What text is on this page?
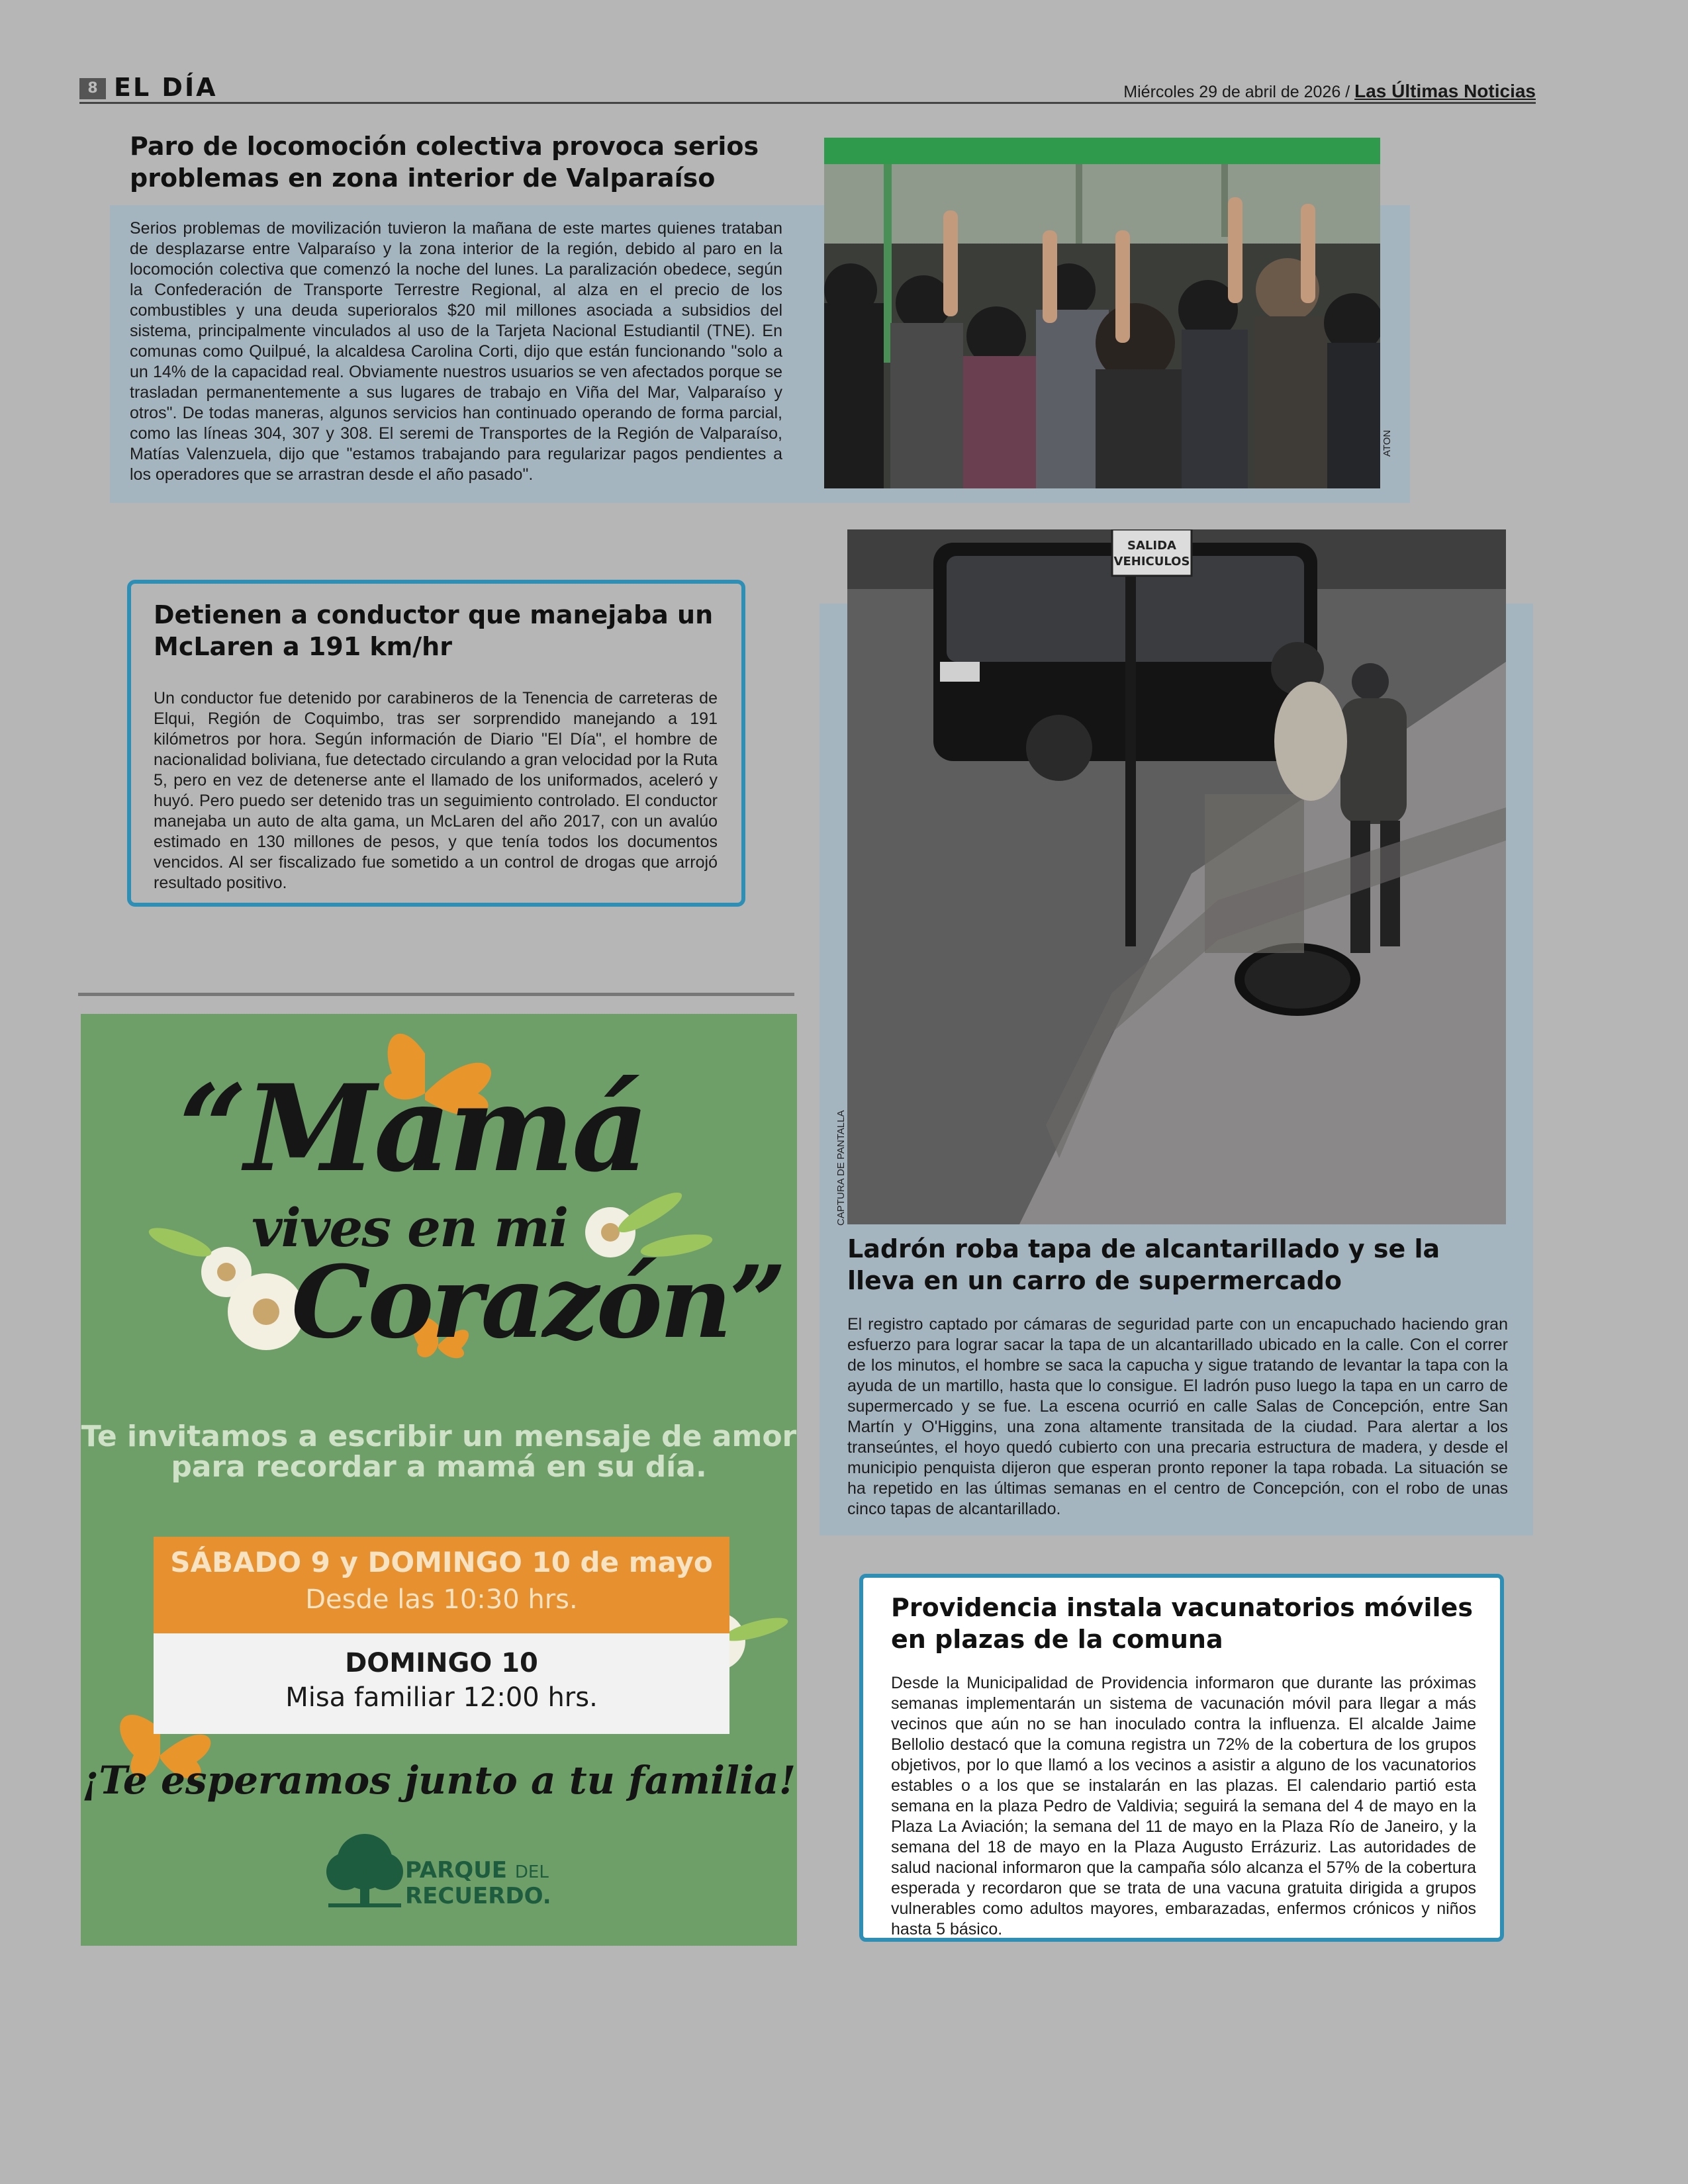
8 EL DÍA	Miércoles 29 de abril de 2026 / Las Últimas Noticias
Paro de locomoción colectiva provoca serios problemas en zona interior de Valparaíso
Serios problemas de movilización tuvieron la mañana de este martes quienes trataban de desplazarse entre Valparaíso y la zona interior de la región, debido al paro en la locomoción colectiva que comenzó la noche del lunes. La paralización obedece, según la Confederación de Transporte Terrestre Regional, al alza en el precio de los combustibles y una deuda superioralos $20 mil millones asociada a subsidios del sistema, principalmente vinculados al uso de la Tarjeta Nacional Estudiantil (TNE). En comunas como Quilpué, la alcaldesa Carolina Corti, dijo que están funcionando "solo a un 14% de la capacidad real. Obviamente nuestros usuarios se ven afectados porque se trasladan permanentemente a sus lugares de trabajo en Viña del Mar, Valparaíso y otros". De todas maneras, algunos servicios han continuado operando de forma parcial, como las líneas 304, 307 y 308. El seremi de Transportes de la Región de Valparaíso, Matías Valenzuela, dijo que "estamos trabajando para regularizar pagos pendientes a los operadores que se arrastran desde el año pasado".
ATON
Detienen a conductor que manejaba un McLaren a 191 km/hr
Un conductor fue detenido por carabineros de la Tenencia de carreteras de Elqui, Región de Coquimbo, tras ser sorprendido manejando a 191 kilómetros por hora. Según información de Diario "El Día", el hombre de nacionalidad boliviana, fue detectado circulando a gran velocidad por la Ruta 5, pero en vez de detenerse ante el llamado de los uniformados, aceleró y huyó. Pero puedo ser detenido tras un seguimiento controlado. El conductor manejaba un auto de alta gama, un McLaren del año 2017, con un avalúo estimado en 130 millones de pesos, y que tenía todos los documentos vencidos. Al ser fiscalizado fue sometido a un control de drogas que arrojó resultado positivo.
SALIDA VEHICULOS
CAPTURA DE PANTALLA
Ladrón roba tapa de alcantarillado y se la lleva en un carro de supermercado
El registro captado por cámaras de seguridad parte con un encapuchado haciendo gran esfuerzo para lograr sacar la tapa de un alcantarillado ubicado en la calle. Con el correr de los minutos, el hombre se saca la capucha y sigue tratando de levantar la tapa con la ayuda de un martillo, hasta que lo consigue. El ladrón puso luego la tapa en un carro de supermercado y se fue. La escena ocurrió en calle Salas de Concepción, entre San Martín y O'Higgins, una zona altamente transitada de la ciudad. Para alertar a los transeúntes, el hoyo quedó cubierto con una precaria estructura de madera, y desde el municipio penquista dijeron que esperan pronto reponer la tapa robada. La situación se ha repetido en las últimas semanas en el centro de Concepción, con el robo de unas cinco tapas de alcantarillado.
“Mamá
vives en mi
Corazón”
Te invitamos a escribir un mensaje de amor para recordar a mamá en su día.
SÁBADO 9 y DOMINGO 10 de mayo
Desde las 10:30 hrs.
DOMINGO 10
Misa familiar 12:00 hrs.
¡Te esperamos junto a tu familia!
PARQUE DEL
RECUERDO.
Providencia instala vacunatorios móviles en plazas de la comuna
Desde la Municipalidad de Providencia informaron que durante las próximas semanas implementarán un sistema de vacunación móvil para llegar a más vecinos que aún no se han inoculado contra la influenza. El alcalde Jaime Bellolio destacó que la comuna registra un 72% de la cobertura de los grupos objetivos, por lo que llamó a los vecinos a asistir a alguno de los vacunatorios estables o a los que se instalarán en las plazas. El calendario partió esta semana en la plaza Pedro de Valdivia; seguirá la semana del 4 de mayo en la Plaza La Aviación; la semana del 11 de mayo en la Plaza Río de Janeiro, y la semana del 18 de mayo en la Plaza Augusto Errázuriz. Las autoridades de salud nacional informaron que la campaña sólo alcanza el 57% de la cobertura esperada y recordaron que se trata de una vacuna gratuita dirigida a grupos vulnerables como adultos mayores, embarazadas, enfermos crónicos y niños hasta 5 básico.
